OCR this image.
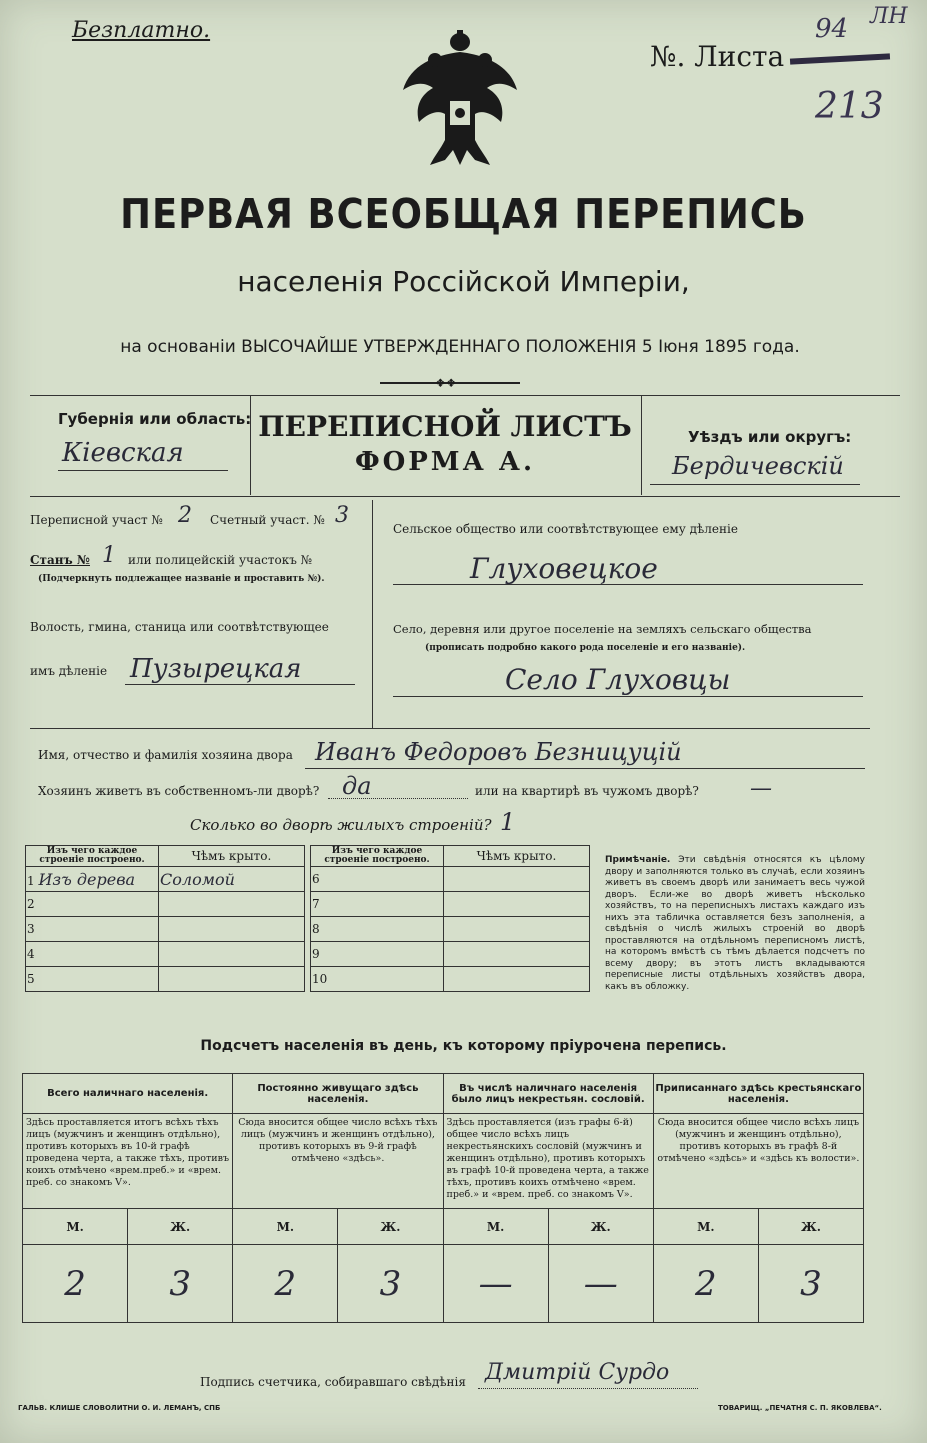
Безплатно.
№. Листа
94 ЛН
213
ПЕРВАЯ ВСЕОБЩАЯ ПЕРЕПИСЬ
населенія Россійской Имперіи,
на основаніи ВЫСОЧАЙШЕ УТВЕРЖДЕННАГО ПОЛОЖЕНІЯ 5 Іюня 1895 года.
❖❖
Губернія или область:
Кіевская
ПЕРЕПИСНОЙ ЛИСТЪ
ФОРМА А.
Уѣздъ или округъ:
Бердичевскій
Переписной участ № 2 Счетный участ. № 3
Станъ № 1 или полицейскій участокъ №
(Подчеркнуть подлежащее названіе и проставить №).
Волость, гмина, станица или соотвѣтствующее
имъ дѣленіе Пузырецкая
Сельское общество или соотвѣтствующее ему дѣленіе
Глуховецкое
Село, деревня или другое поселеніе на земляхъ сельскаго общества
(прописать подробно какого рода поселеніе и его названіе).
Село Глуховцы
Имя, отчество и фамилія хозяина двора Иванъ Федоровъ Безницуцій
Хозяинъ живетъ въ собственномъ-ли дворѣ? да	или на квартирѣ въ чужомъ дворѣ? —
Сколько во дворѣ жилыхъ строеній? 1
Изъ чего каждое строеніе построено.	Чѣмъ крыто.
1 Изъ дерева	Соломой
2	
3	
4	
5	
Изъ чего каждое строеніе построено.	Чѣмъ крыто.
6	
7	
8	
9	
10	
Примѣчаніе. Эти свѣдѣнія относятся къ цѣлому двору и заполняются только въ случаѣ, если хозяинъ живетъ въ своемъ дворѣ или занимаетъ весь чужой дворъ. Если-же во дворѣ живетъ нѣсколько хозяйствъ, то на переписныхъ листахъ каждаго изъ нихъ эта табличка оставляется безъ заполненія, а свѣдѣнія о числѣ жилыхъ строеній во дворѣ проставляются на отдѣльномъ переписномъ листѣ, на которомъ вмѣстѣ съ тѣмъ дѣлается подсчетъ по всему двору; въ этотъ листъ вкладываются переписные листы отдѣльныхъ хозяйствъ двора, какъ въ обложку.
Подсчетъ населенія въ день, къ которому пріурочена перепись.
Всего наличнаго населенія.		Постоянно живущаго здѣсь населенія.		Въ числѣ наличнаго населенія было лицъ некрестьян. сословій.		Приписаннаго здѣсь крестьянскаго населенія.	
Здѣсь проставляется итогъ всѣхъ тѣхъ лицъ (мужчинъ и женщинъ отдѣльно), противъ которыхъ въ 10-й графѣ проведена черта, а также тѣхъ, противъ коихъ отмѣчено «врем.преб.» и «врем. преб. со знакомъ V».		Сюда вносится общее число всѣхъ тѣхъ лицъ (мужчинъ и женщинъ отдѣльно), противъ которыхъ въ 9-й графѣ отмѣчено «здѣсь».		Здѣсь проставляется (изъ графы 6-й) общее число всѣхъ лицъ некрестьянскихъ сословій (мужчинъ и женщинъ отдѣльно), противъ которыхъ въ графѣ 10-й проведена черта, а также тѣхъ, противъ коихъ отмѣчено «врем. преб.» и «врем. преб. со знакомъ V».		Сюда вносится общее число всѣхъ лицъ (мужчинъ и женщинъ отдѣльно), противъ которыхъ въ графѣ 8-й отмѣчено «здѣсь» и «здѣсь къ волости».	
М.	Ж.	М.	Ж.	М.	Ж.	М.	Ж.
2	3	2	3	—	—	2	3
Подпись счетчика, собиравшаго свѣдѣнія Дмитрій Сурдо
ГАЛЬВ. КЛИШЕ СЛОВОЛИТНИ О. И. ЛЕМАНЪ, СПБ	ТОВАРИЩ. „ПЕЧАТНЯ С. П. ЯКОВЛЕВА“.
